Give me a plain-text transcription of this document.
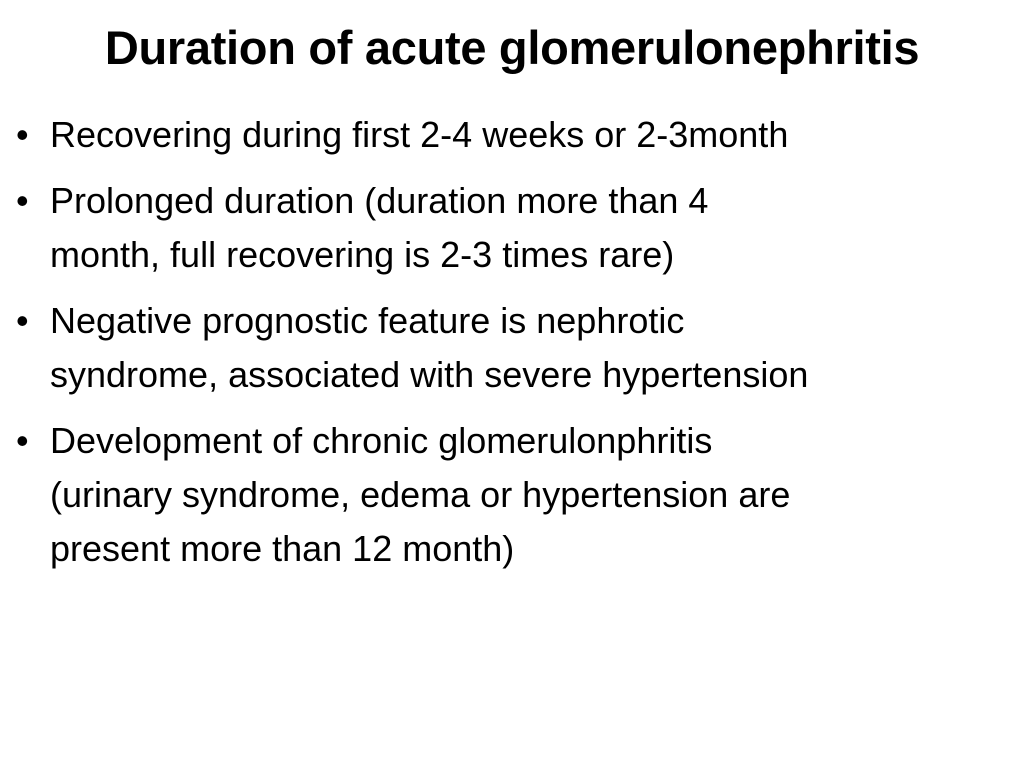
Duration of acute glomerulonephritis
• Recovering during first 2-4 weeks or 2-3month
• Prolonged duration (duration more than 4
month, full recovering is 2-3 times rare)
• Negative prognostic feature is nephrotic
syndrome, associated with severe hypertension
• Development of chronic glomerulonphritis
(urinary syndrome, edema or hypertension are
present more than 12 month)
